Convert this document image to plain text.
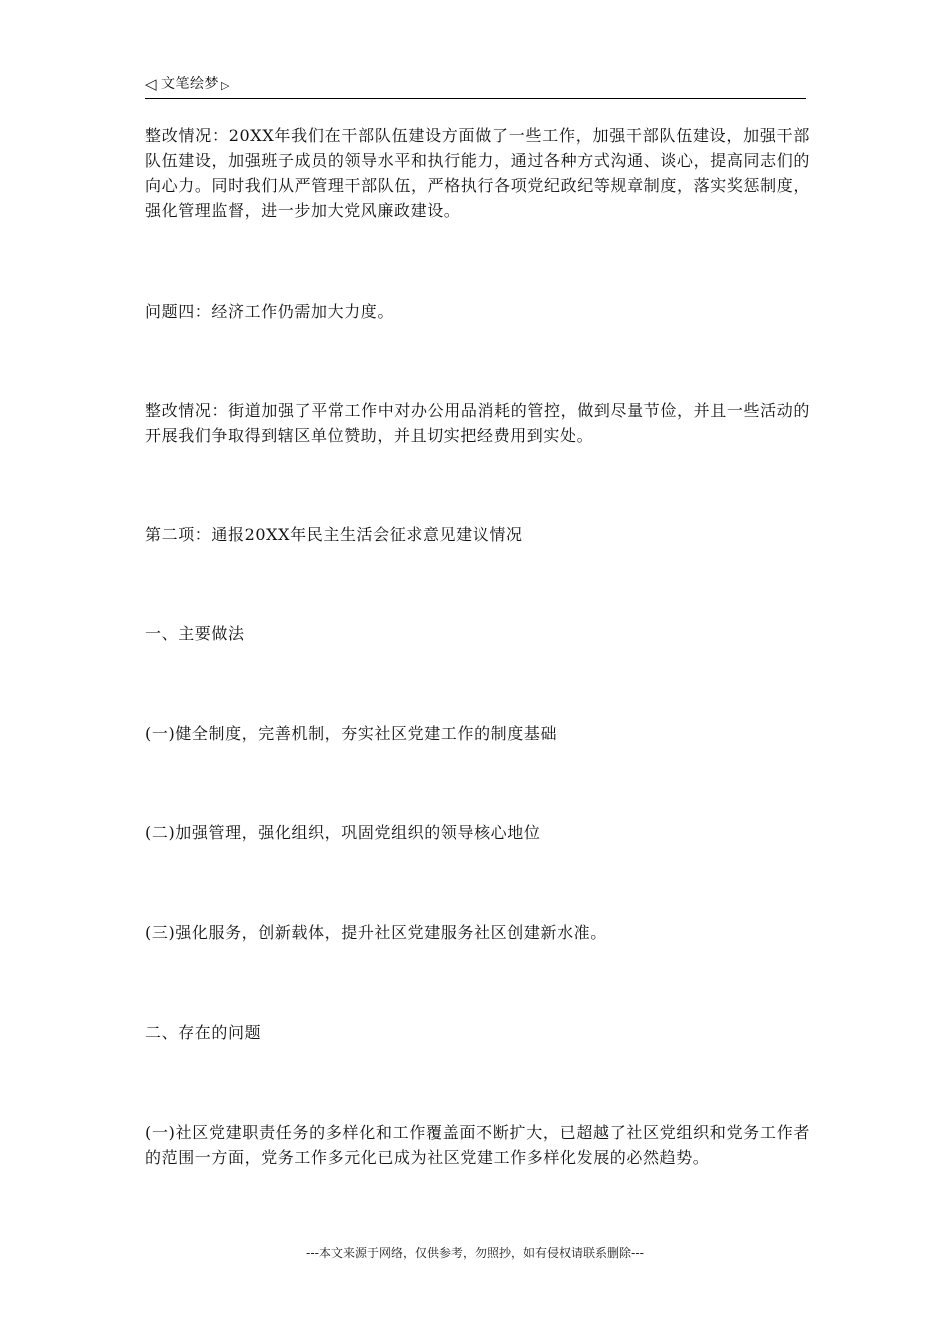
◁ 文笔绘梦 ▷

整改情况：20XX年我们在干部队伍建设方面做了一些工作，加强干部队伍建设，加强干部队伍建设，加强班子成员的领导水平和执行能力，通过各种方式沟通、谈心，提高同志们的向心力。同时我们从严管理干部队伍，严格执行各项党纪政纪等规章制度，落实奖惩制度，强化管理监督，进一步加大党风廉政建设。

问题四：经济工作仍需加大力度。

整改情况：街道加强了平常工作中对办公用品消耗的管控，做到尽量节俭，并且一些活动的开展我们争取得到辖区单位赞助，并且切实把经费用到实处。

第二项：通报20XX年民主生活会征求意见建议情况

一、主要做法

(一)健全制度，完善机制，夯实社区党建工作的制度基础

(二)加强管理，强化组织，巩固党组织的领导核心地位

(三)强化服务，创新载体，提升社区党建服务社区创建新水准。

二、存在的问题

(一)社区党建职责任务的多样化和工作覆盖面不断扩大，已超越了社区党组织和党务工作者的范围一方面，党务工作多元化已成为社区党建工作多样化发展的必然趋势。

---本文来源于网络，仅供参考，勿照抄，如有侵权请联系删除---
